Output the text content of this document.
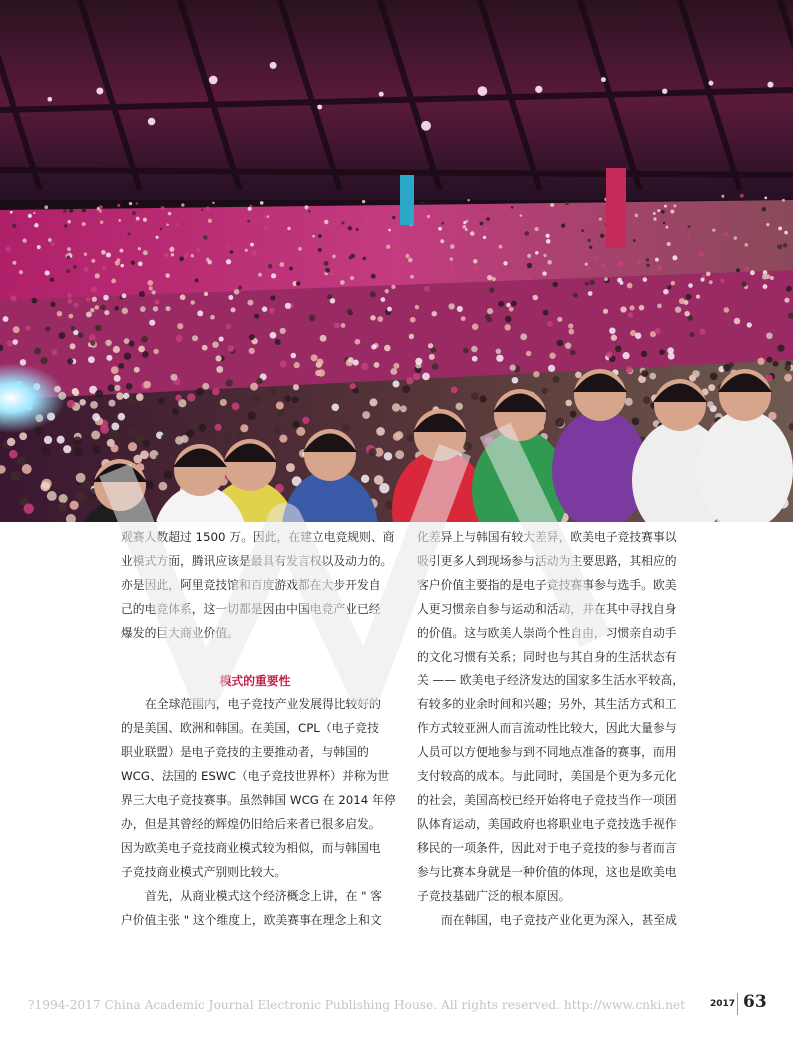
观赛人数超过 1500 万。因此，在建立电竞规则、商

业模式方面，腾讯应该是最具有发言权以及动力的。

亦是因此，阿里竞技馆和百度游戏都在大步开发自

己的电竞体系，这一切都是因由中国电竞产业已经

爆发的巨大商业价值。

模式的重要性

在全球范围内，电子竞技产业发展得比较好的

的是美国、欧洲和韩国。在美国，CPL（电子竞技

职业联盟）是电子竞技的主要推动者，与韩国的

WCG、法国的 ESWC（电子竞技世界杯）并称为世

界三大电子竞技赛事。虽然韩国 WCG 在 2014 年停

办，但是其曾经的辉煌仍旧给后来者已很多启发。

因为欧美电子竞技商业模式较为相似，而与韩国电

子竞技商业模式产别则比较大。

首先，从商业模式这个经济概念上讲，在 " 客

户价值主张 " 这个维度上，欧美赛事在理念上和文

化差异上与韩国有较大差异，欧美电子竞技赛事以

吸引更多人到现场参与活动为主要思路，其相应的

客户价值主要指的是电子竞技赛事参与选手。欧美

人更习惯亲自参与运动和活动，并在其中寻找自身

的价值。这与欧美人崇尚个性自由，习惯亲自动手

的文化习惯有关系；同时也与其自身的生活状态有

关 —— 欧美电子经济发达的国家多生活水平较高，

有较多的业余时间和兴趣；另外，其生活方式和工

作方式较亚洲人而言流动性比较大，因此大量参与

人员可以方便地参与到不同地点准备的赛事，而用

支付较高的成本。与此同时，美国是个更为多元化

的社会，美国高校已经开始将电子竞技当作一项团

队体育运动，美国政府也将职业电子竞技选手视作

移民的一项条件，因此对于电子竞技的参与者而言

参与比赛本身就是一种价值的体现，这也是欧美电

子竞技基础广泛的根本原因。

而在韩国，电子竞技产业化更为深入，甚至成

?1994-2017 China Academic Journal Electronic Publishing House. All rights reserved. http://www.cnki.net	2017 63
